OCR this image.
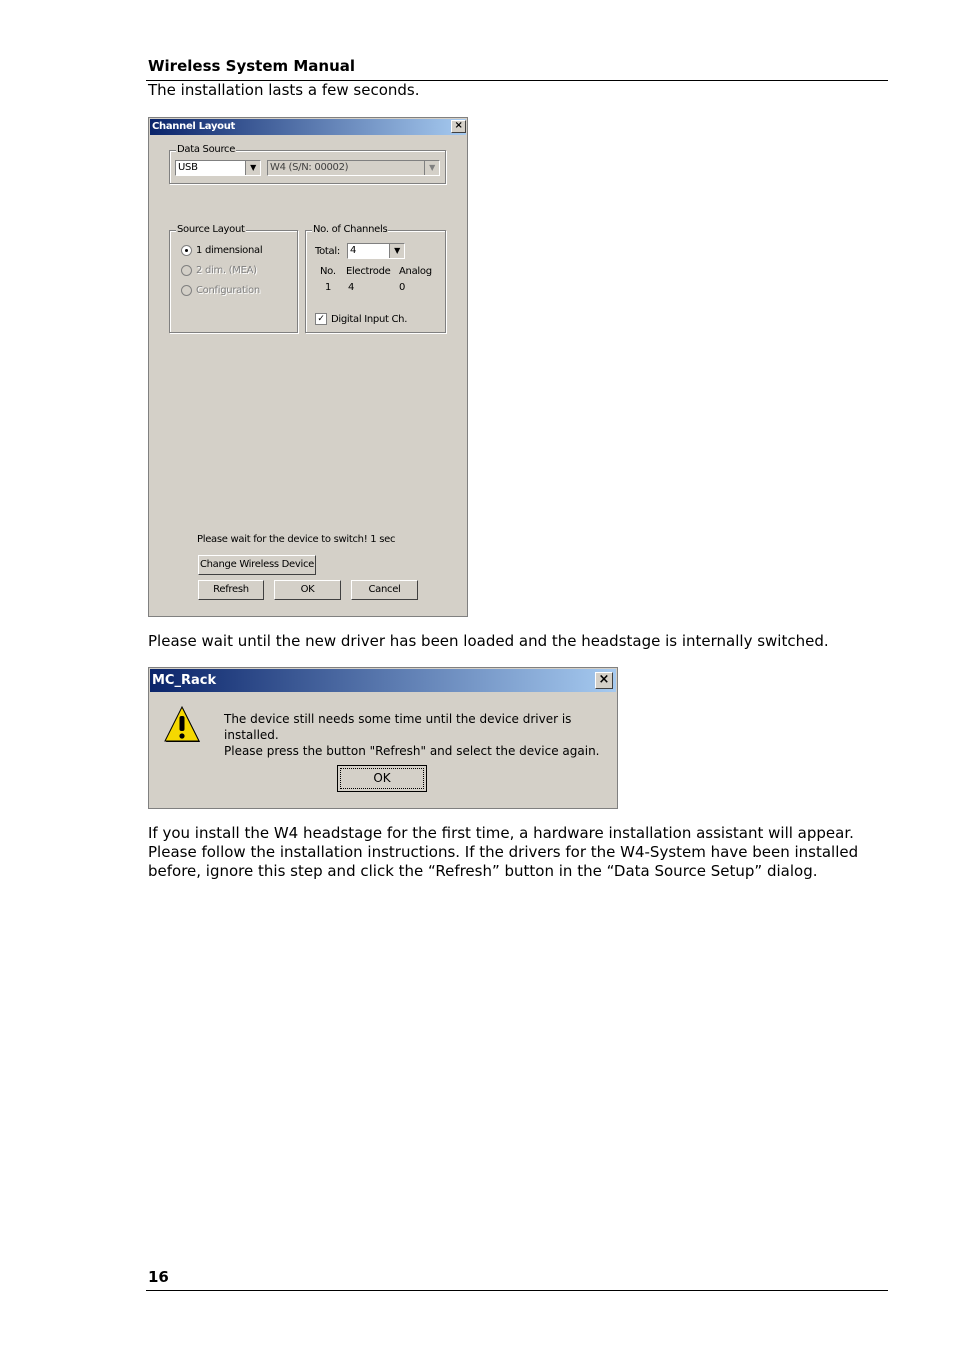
Wireless System Manual
The installation lasts a few seconds.
Channel Layout	×
Data Source
USB	▼	W4 (S/N: 00002)	▼
Source Layout
1 dimensional
2 dim. (MEA)
Configuration
No. of Channels
Total:	4	▼
No. Electrode Analog
1 4	0
✓ Digital Input Ch.
Please wait for the device to switch! 1 sec
Change Wireless Device
Refresh	OK	Cancel
Please wait until the new driver has been loaded and the headstage is internally switched.
MC_Rack	×
The device still needs some time until the device driver is installed.
Please press the button "Refresh" and select the device again.
OK
If you install the W4 headstage for the first time, a hardware installation assistant will appear.
Please follow the installation instructions. If the drivers for the W4-System have been installed
before, ignore this step and click the “Refresh” button in the “Data Source Setup” dialog.
16
